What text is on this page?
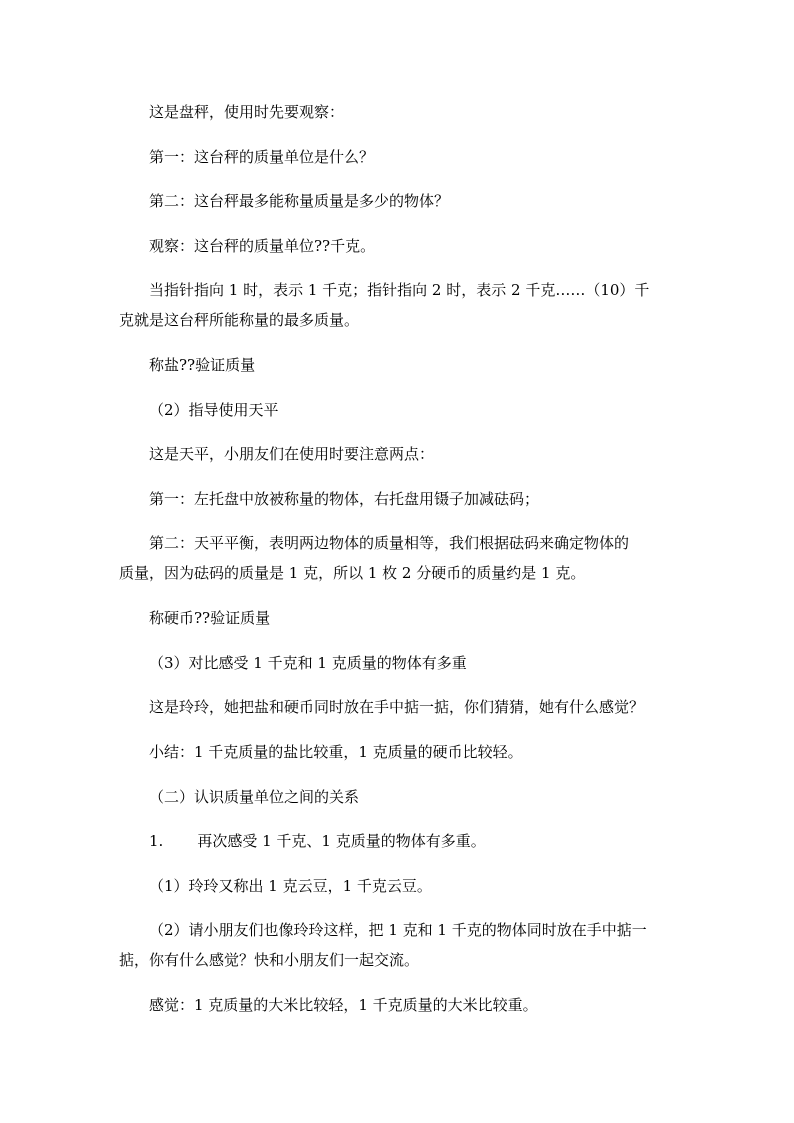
这是盘秤，使用时先要观察：

第一：这台秤的质量单位是什么？

第二：这台秤最多能称量质量是多少的物体？

观察：这台秤的质量单位??千克。

当指针指向 1 时，表示 1 千克；指针指向 2 时，表示 2 千克……（10）千
克就是这台秤所能称量的最多质量。

称盐??验证质量

（2）指导使用天平

这是天平，小朋友们在使用时要注意两点：

第一：左托盘中放被称量的物体，右托盘用镊子加减砝码；

第二：天平平衡，表明两边物体的质量相等，我们根据砝码来确定物体的
质量，因为砝码的质量是 1 克，所以 1 枚 2 分硬币的质量约是 1 克。

称硬币??验证质量

（3）对比感受 1 千克和 1 克质量的物体有多重

这是玲玲，她把盐和硬币同时放在手中掂一掂，你们猜猜，她有什么感觉？

小结：1 千克质量的盐比较重，1 克质量的硬币比较轻。

（二）认识质量单位之间的关系

1. 再次感受 1 千克、1 克质量的物体有多重。

（1）玲玲又称出 1 克云豆，1 千克云豆。

（2）请小朋友们也像玲玲这样，把 1 克和 1 千克的物体同时放在手中掂一
掂，你有什么感觉？快和小朋友们一起交流。

感觉：1 克质量的大米比较轻，1 千克质量的大米比较重。
